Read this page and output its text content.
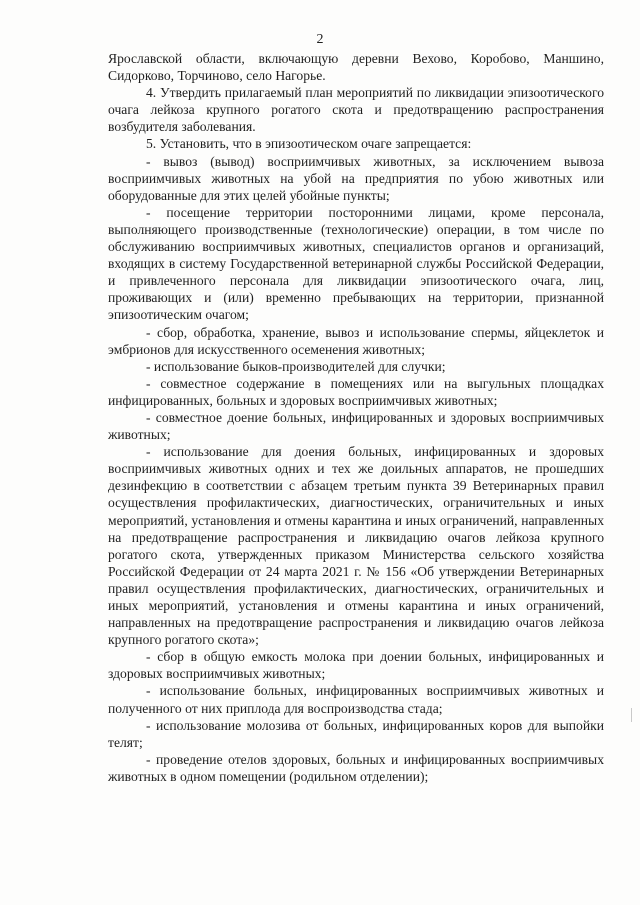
2

Ярославской области, включающую деревни Вехово, Коробово, Маншино, Сидорково, Торчиново, село Нагорье.

4. Утвердить прилагаемый план мероприятий по ликвидации эпизоотического очага лейкоза крупного рогатого скота и предотвращению распространения возбудителя заболевания.

5. Установить, что в эпизоотическом очаге запрещается:

- вывоз (вывод) восприимчивых животных, за исключением вывоза восприимчивых животных на убой на предприятия по убою животных или оборудованные для этих целей убойные пункты;

- посещение территории посторонними лицами, кроме персонала, выполняющего производственные (технологические) операции, в том числе по обслуживанию восприимчивых животных, специалистов органов и организаций, входящих в систему Государственной ветеринарной службы Российской Федерации, и привлеченного персонала для ликвидации эпизоотического очага, лиц, проживающих и (или) временно пребывающих на территории, признанной эпизоотическим очагом;

- сбор, обработка, хранение, вывоз и использование спермы, яйцеклеток и эмбрионов для искусственного осеменения животных;

- использование быков-производителей для случки;

- совместное содержание в помещениях или на выгульных площадках инфицированных, больных и здоровых восприимчивых животных;

- совместное доение больных, инфицированных и здоровых восприимчивых животных;

- использование для доения больных, инфицированных и здоровых восприимчивых животных одних и тех же доильных аппаратов, не прошедших дезинфекцию в соответствии с абзацем третьим пункта 39 Ветеринарных правил осуществления профилактических, диагностических, ограничительных и иных мероприятий, установления и отмены карантина и иных ограничений, направленных на предотвращение распространения и ликвидацию очагов лейкоза крупного рогатого скота, утвержденных приказом Министерства сельского хозяйства Российской Федерации от 24 марта 2021 г. № 156 «Об утверждении Ветеринарных правил осуществления профилактических, диагностических, ограничительных и иных мероприятий, установления и отмены карантина и иных ограничений, направленных на предотвращение распространения и ликвидацию очагов лейкоза крупного рогатого скота»;

- сбор в общую емкость молока при доении больных, инфицированных и здоровых восприимчивых животных;

- использование больных, инфицированных восприимчивых животных и полученного от них приплода для воспроизводства стада;

- использование молозива от больных, инфицированных коров для выпойки телят;

- проведение отелов здоровых, больных и инфицированных восприимчивых животных в одном помещении (родильном отделении);
